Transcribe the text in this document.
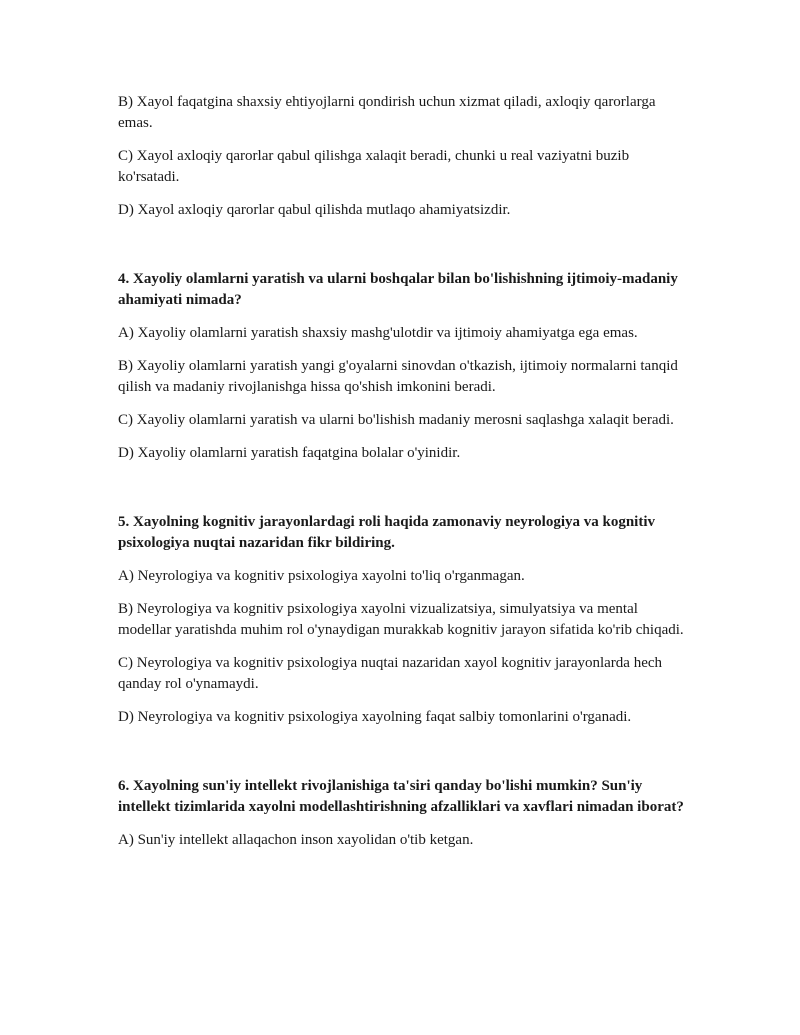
B) Xayol faqatgina shaxsiy ehtiyojlarni qondirish uchun xizmat qiladi, axloqiy qarorlarga emas.

C) Xayol axloqiy qarorlar qabul qilishga xalaqit beradi, chunki u real vaziyatni buzib ko'rsatadi.

D) Xayol axloqiy qarorlar qabul qilishda mutlaqo ahamiyatsizdir.

4. Xayoliy olamlarni yaratish va ularni boshqalar bilan bo'lishishning ijtimoiy-madaniy ahamiyati nimada?

A) Xayoliy olamlarni yaratish shaxsiy mashg'ulotdir va ijtimoiy ahamiyatga ega emas.

B) Xayoliy olamlarni yaratish yangi g'oyalarni sinovdan o'tkazish, ijtimoiy normalarni tanqid qilish va madaniy rivojlanishga hissa qo'shish imkonini beradi.

C) Xayoliy olamlarni yaratish va ularni bo'lishish madaniy merosni saqlashga xalaqit beradi.

D) Xayoliy olamlarni yaratish faqatgina bolalar o'yinidir.

5. Xayolning kognitiv jarayonlardagi roli haqida zamonaviy neyrologiya va kognitiv psixologiya nuqtai nazaridan fikr bildiring.

A) Neyrologiya va kognitiv psixologiya xayolni to'liq o'rganmagan.

B) Neyrologiya va kognitiv psixologiya xayolni vizualizatsiya, simulyatsiya va mental modellar yaratishda muhim rol o'ynaydigan murakkab kognitiv jarayon sifatida ko'rib chiqadi.

C) Neyrologiya va kognitiv psixologiya nuqtai nazaridan xayol kognitiv jarayonlarda hech qanday rol o'ynamaydi.

D) Neyrologiya va kognitiv psixologiya xayolning faqat salbiy tomonlarini o'rganadi.

6. Xayolning sun'iy intellekt rivojlanishiga ta'siri qanday bo'lishi mumkin? Sun'iy intellekt tizimlarida xayolni modellashtirishning afzalliklari va xavflari nimadan iborat?

A) Sun'iy intellekt allaqachon inson xayolidan o'tib ketgan.
